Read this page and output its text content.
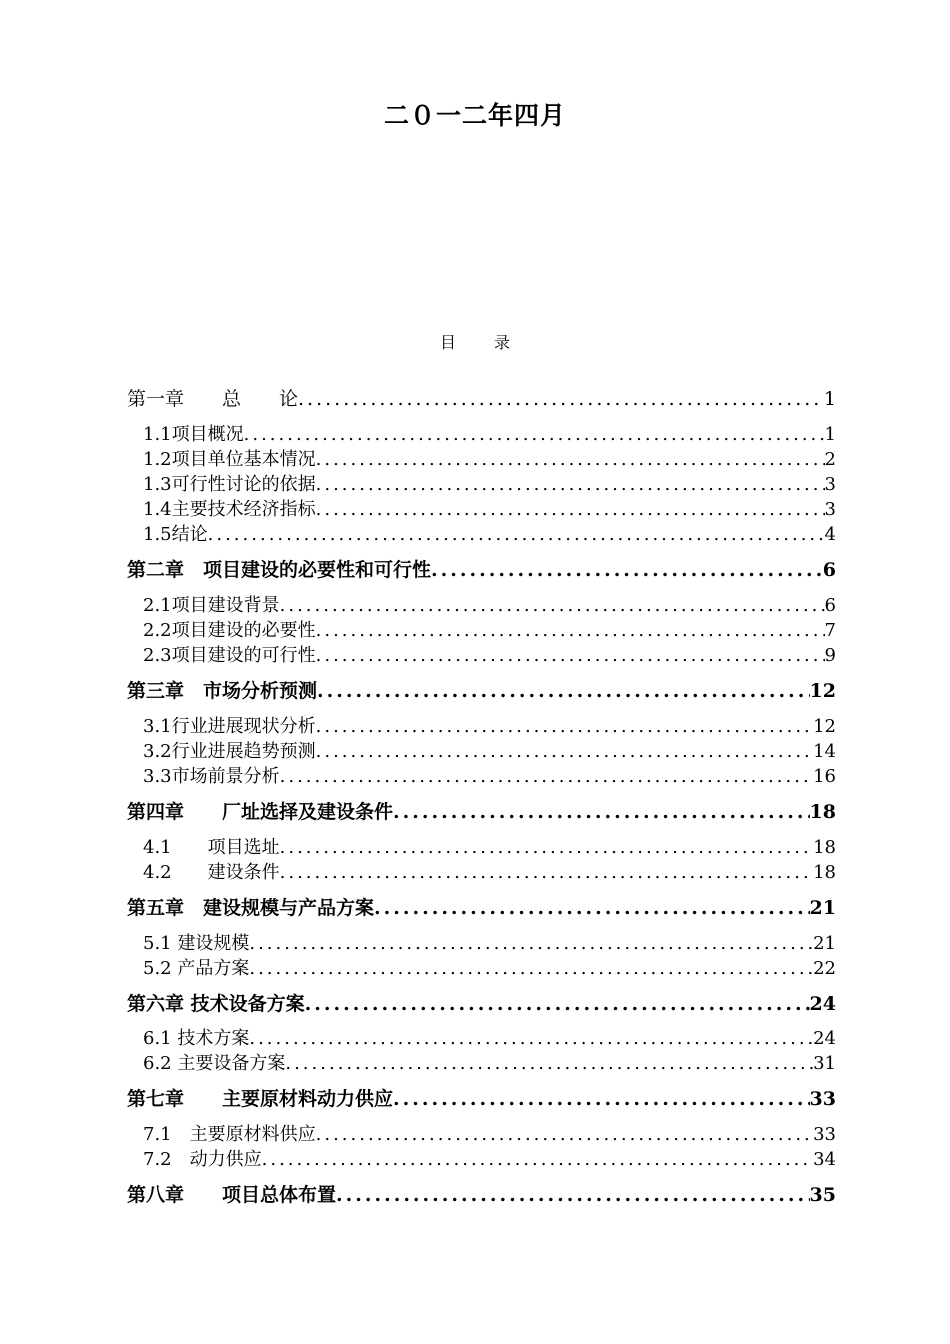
二０一二年四月
目 录
第一章　　总　　论 .....	1
1.1项目概况 .....	1
1.2项目单位基本情况 .....	2
1.3可行性讨论的依据 .....	3
1.4主要技术经济指标 .....	3
1.5结论 .....	4
第二章　项目建设的必要性和可行性 .....	6
2.1项目建设背景 .....	6
2.2项目建设的必要性 .....	7
2.3项目建设的可行性 .....	9
第三章　市场分析预测 .....	12
3.1行业进展现状分析 .....	12
3.2行业进展趋势预测 .....	14
3.3市场前景分析 .....	16
第四章　　厂址选择及建设条件 .....	18
4.1　　项目选址 .....	18
4.2　　建设条件 .....	18
第五章　建设规模与产品方案 .....	21
5.1 建设规模 .....	21
5.2 产品方案 .....	22
第六章 技术设备方案 .....	24
6.1 技术方案 .....	24
6.2 主要设备方案 .....	31
第七章　　主要原材料动力供应 .....	33
7.1　主要原材料供应 .....	33
7.2　动力供应 .....	34
第八章　　项目总体布置 .....	35
